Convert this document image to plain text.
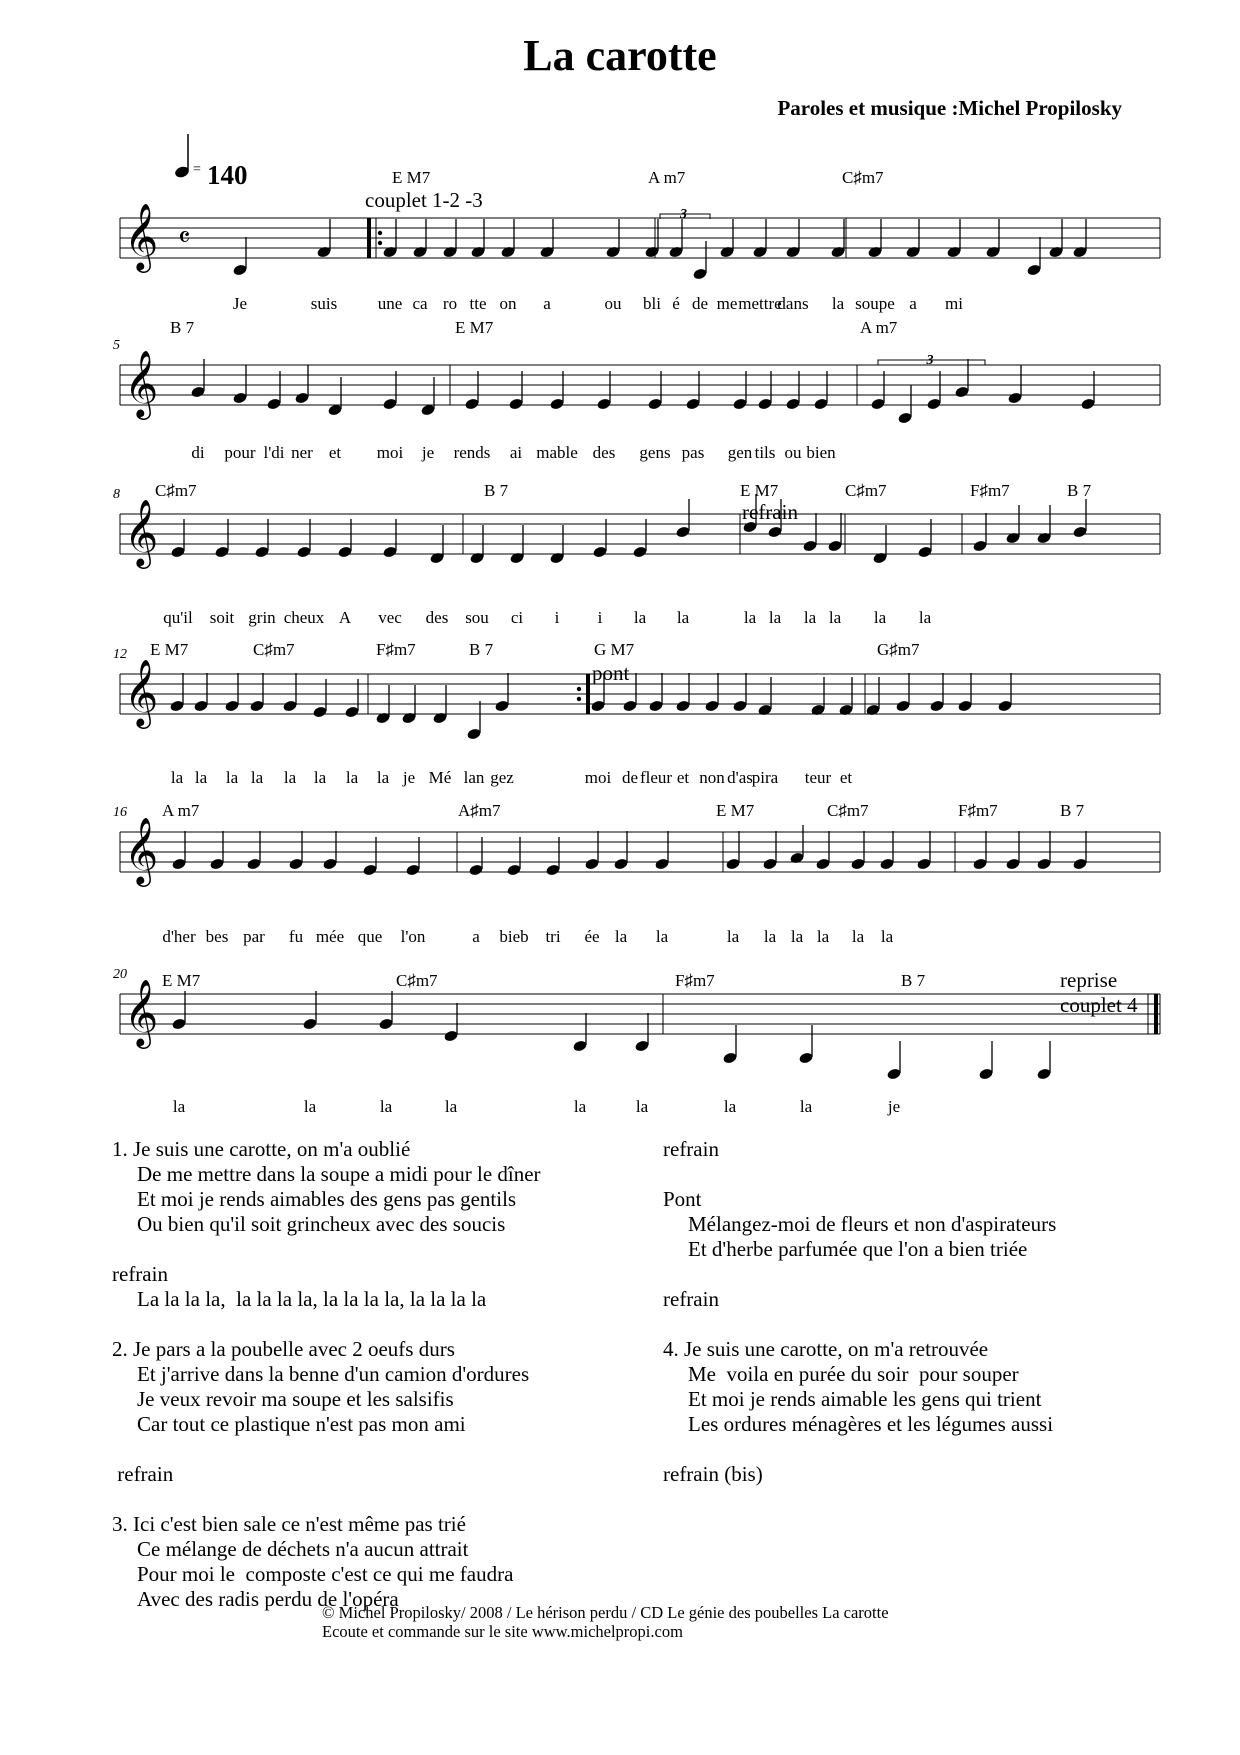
La carotte
Paroles et musique :Michel Propilosky
= 140
𝄞 𝄴
E M7	A m7	C♯m7
couplet 1-2 -3
3
Je	suis une ca ro tte on a	ou bli é de me mettre
dans la soupe a mi
𝄞
5
B 7	E M7	A m7
3
di pour l'di ner et moi je rends ai mable des gens pas gen tils ou bien
𝄞
8 C♯m7	B 7	E M7	C♯m7	F♯m7	B 7
refrain
qu'il soit grin cheux A vec des sou ci i i la la	la la la la la la
𝄞
12 E M7	C♯m7	F♯m7	B 7	G M7	G♯m7
pont
la la la la la la la la je Mé lan gez	moi de fleur et non d'as
pira teur et
𝄞
16 A m7	A♯m7	E M7	C♯m7	F♯m7	B 7
d'her bes par fu mée que l'on	a bieb tri ée la la	la la la la la la
𝄞
20 E M7	C♯m7	F♯m7	B 7	reprise
couplet 4
la	la	la	la	la	la	la	la	je
1. Je suis une carotte, on m'a oublié
De me mettre dans la soupe a midi pour le dîner
Et moi je rends aimables des gens pas gentils
Ou bien qu'il soit grincheux avec des soucis
refrain
La la la la,  la la la la, la la la la, la la la la
2. Je pars a la poubelle avec 2 oeufs durs
Et j'arrive dans la benne d'un camion d'ordures
Je veux revoir ma soupe et les salsifis
Car tout ce plastique n'est pas mon ami
refrain
3. Ici c'est bien sale ce n'est même pas trié
Ce mélange de déchets n'a aucun attrait
Pour moi le  composte c'est ce qui me faudra
Avec des radis perdu de l'opéra
refrain
Pont
Mélangez-moi de fleurs et non d'aspirateurs
Et d'herbe parfumée que l'on a bien triée
refrain
4. Je suis une carotte, on m'a retrouvée
Me  voila en purée du soir  pour souper
Et moi je rends aimable les gens qui trient
Les ordures ménagères et les légumes aussi
refrain (bis)
© Michel Propilosky/ 2008 / Le hérison perdu / CD Le génie des poubelles La carotte
Ecoute et commande sur le site www.michelpropi.com
